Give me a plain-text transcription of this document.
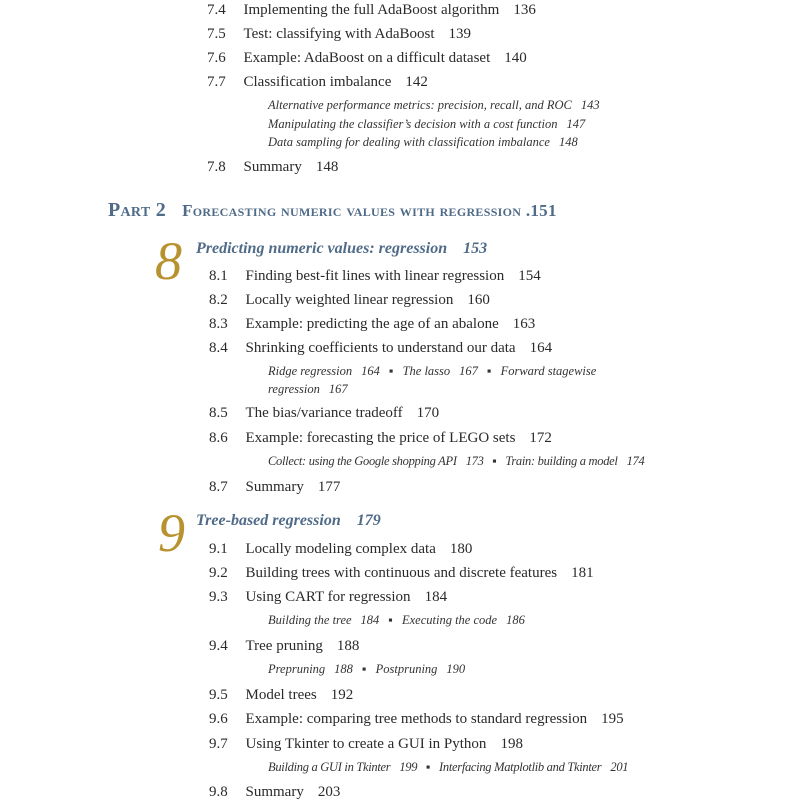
7.4 Implementing the full AdaBoost algorithm 136
7.5 Test: classifying with AdaBoost 139
7.6 Example: AdaBoost on a difficult dataset 140
7.7 Classification imbalance 142
Alternative performance metrics: precision, recall, and ROC 143
Manipulating the classifier’s decision with a cost function 147
Data sampling for dealing with classification imbalance 148
7.8 Summary 148
Part 2 Forecasting numeric values with regression .151
8 Predicting numeric values: regression 153
8.1 Finding best-fit lines with linear regression 154
8.2 Locally weighted linear regression 160
8.3 Example: predicting the age of an abalone 163
8.4 Shrinking coefficients to understand our data 164
Ridge regression 164 ▪ The lasso 167 ▪ Forward stagewise
regression 167
8.5 The bias/variance tradeoff 170
8.6 Example: forecasting the price of LEGO sets 172
Collect: using the Google shopping API 173 ▪ Train: building a model 174
8.7 Summary 177
9 Tree-based regression 179
9.1 Locally modeling complex data 180
9.2 Building trees with continuous and discrete features 181
9.3 Using CART for regression 184
Building the tree 184 ▪ Executing the code 186
9.4 Tree pruning 188
Prepruning 188 ▪ Postpruning 190
9.5 Model trees 192
9.6 Example: comparing tree methods to standard regression 195
9.7 Using Tkinter to create a GUI in Python 198
Building a GUI in Tkinter 199 ▪ Interfacing Matplotlib and Tkinter 201
9.8 Summary 203
